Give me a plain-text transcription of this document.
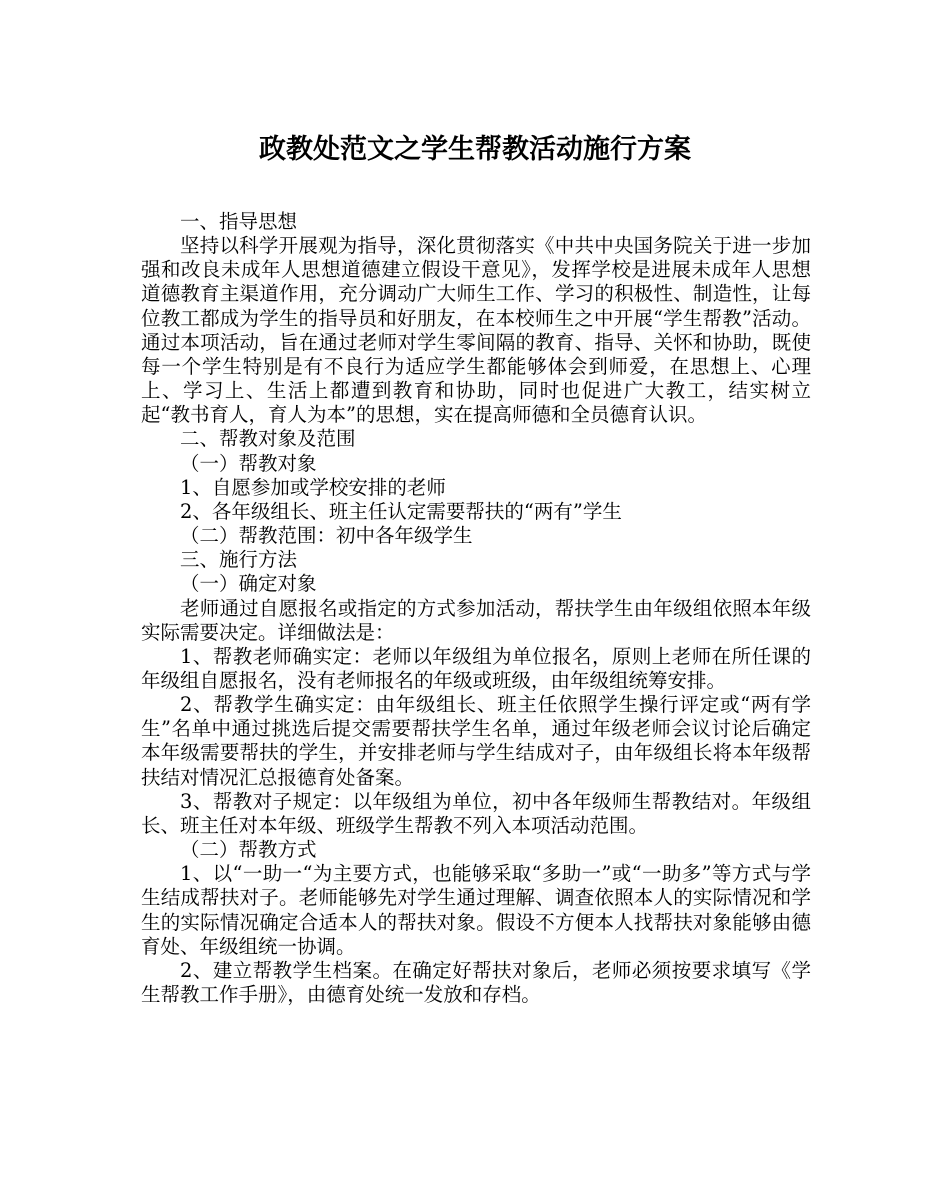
政教处范文之学生帮教活动施行方案

一、指导思想

坚持以科学开展观为指导，深化贯彻落实《中共中央国务院关于进一步加强和改良未成年人思想道德建立假设干意见》，发挥学校是进展未成年人思想道德教育主渠道作用，充分调动广大师生工作、学习的积极性、制造性，让每位教工都成为学生的指导员和好朋友，在本校师生之中开展“学生帮教”活动。通过本项活动，旨在通过老师对学生零间隔的教育、指导、关怀和协助，既使每一个学生特别是有不良行为适应学生都能够体会到师爱，在思想上、心理上、学习上、生活上都遭到教育和协助，同时也促进广大教工，结实树立起“教书育人，育人为本”的思想，实在提高师德和全员德育认识。

二、帮教对象及范围

（一）帮教对象

1、自愿参加或学校安排的老师

2、各年级组长、班主任认定需要帮扶的“两有”学生

（二）帮教范围：初中各年级学生

三、施行方法

（一）确定对象

老师通过自愿报名或指定的方式参加活动，帮扶学生由年级组依照本年级实际需要决定。详细做法是：

1、帮教老师确实定：老师以年级组为单位报名，原则上老师在所任课的年级组自愿报名，没有老师报名的年级或班级，由年级组统筹安排。

2、帮教学生确实定：由年级组长、班主任依照学生操行评定或“两有学生”名单中通过挑选后提交需要帮扶学生名单，通过年级老师会议讨论后确定本年级需要帮扶的学生，并安排老师与学生结成对子，由年级组长将本年级帮扶结对情况汇总报德育处备案。

3、帮教对子规定：以年级组为单位，初中各年级师生帮教结对。年级组长、班主任对本年级、班级学生帮教不列入本项活动范围。

（二）帮教方式

1、以“一助一“为主要方式，也能够采取“多助一”或“一助多”等方式与学生结成帮扶对子。老师能够先对学生通过理解、调查依照本人的实际情况和学生的实际情况确定合适本人的帮扶对象。假设不方便本人找帮扶对象能够由德育处、年级组统一协调。

2、建立帮教学生档案。在确定好帮扶对象后，老师必须按要求填写《学生帮教工作手册》，由德育处统一发放和存档。
